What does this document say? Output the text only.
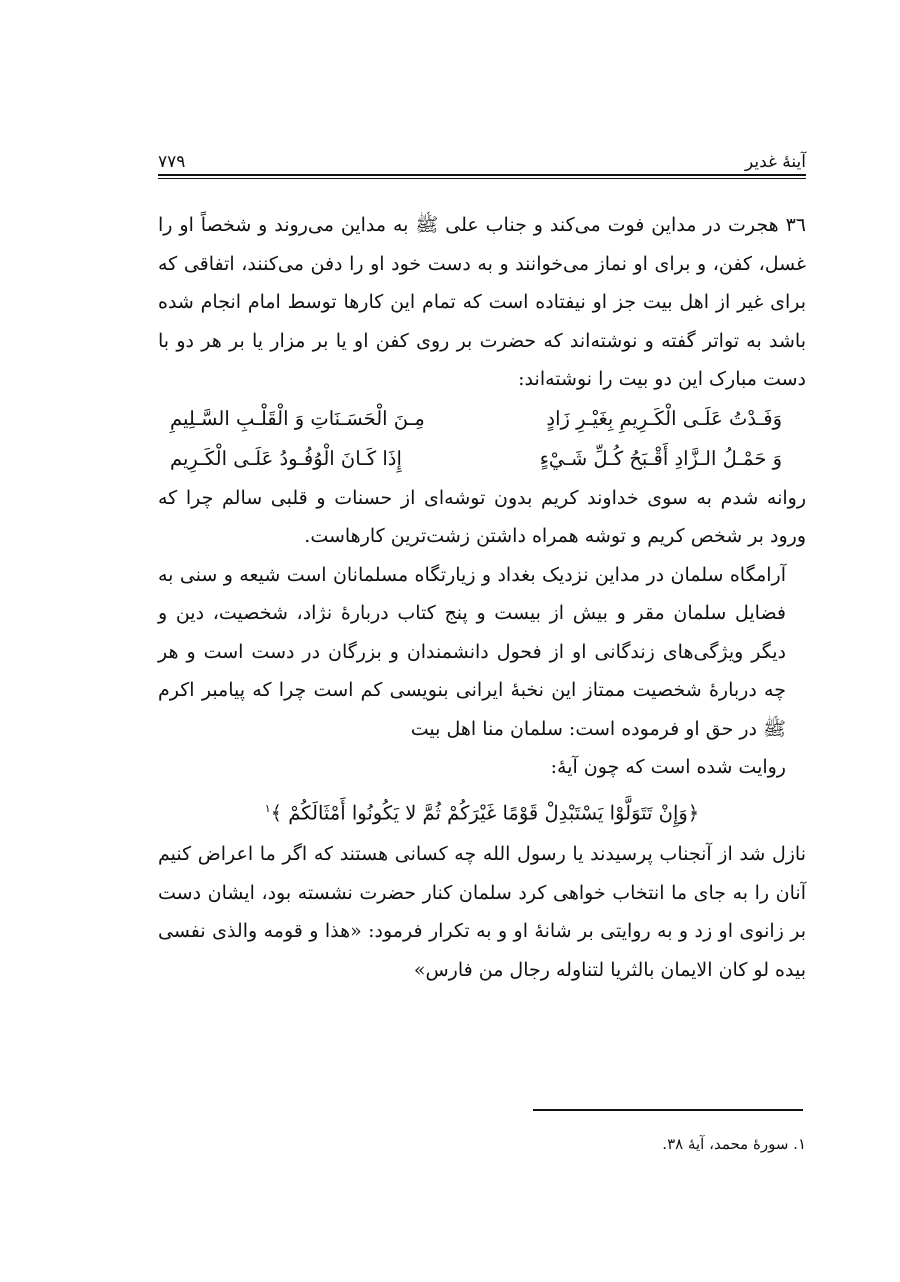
آینهٔ غدیر
۷۷۹

٣٦ هجرت در مداین فوت می‌کند و جناب علی ﷺ به مداین می‌روند و شخصاً او را غسل، کفن، و برای او نماز می‌خوانند و به دست خود او را دفن می‌کنند، اتفاقی که برای غیر از اهل بیت جز او نیفتاده است که تمام این کارها توسط امام انجام شده باشد به تواتر گفته و نوشته‌اند که حضرت بر روی کفن او یا بر مزار یا بر هر دو با دست مبارک این دو بیت را نوشته‌اند:

وَفَـدْتُ عَلَـى الْكَـرِيمِ بِغَيْـرِ زَادٍ
مِـنَ الْحَسَـنَاتِ وَ الْقَلْـبِ السَّـلِيمِ
وَ حَمْـلُ الـزَّادِ أَقْـبَحُ كُـلِّ شَـيْءٍ
إِذَا كَـانَ الْوُفُـودُ عَلَـى الْكَـرِيم

روانه شدم به سوی خداوند کریم بدون توشه‌ای از حسنات و قلبی سالم چرا که ورود بر شخص کریم و توشه همراه داشتن زشت‌ترین کارهاست.

آرامگاه سلمان در مداین نزدیک بغداد و زیارتگاه مسلمانان است شیعه و سنی به فضایل سلمان مقر و بیش از بیست و پنج کتاب دربارهٔ نژاد، شخصیت، دین و دیگر ویژگی‌های زندگانی او از فحول دانشمندان و بزرگان در دست است و هر چه دربارهٔ شخصیت ممتاز این نخبهٔ ایرانی بنویسی کم است چرا که پیامبر اکرم ﷺ در حق او فرموده است: سلمان منا اهل بیت

روایت شده است که چون آیهٔ:

﴿وَإِنْ تَتَوَلَّوْا يَسْتَبْدِلْ قَوْمًا غَيْرَكُمْ ثُمَّ لا يَكُونُوا أَمْثَالَكُمْ ﴾$^١$

نازل شد از آنجناب پرسیدند یا رسول الله چه کسانی هستند که اگر ما اعراض کنیم آنان را به جای ما انتخاب خواهی کرد سلمان کنار حضرت نشسته بود، ایشان دست بر زانوی او زد و به روایتی بر شانهٔ او و به تکرار فرمود: «هذا و قومه والذی نفسی بیده لو کان الایمان بالثریا لتناوله رجال من فارس»

١. سورهٔ محمد، آیهٔ ٣٨.
